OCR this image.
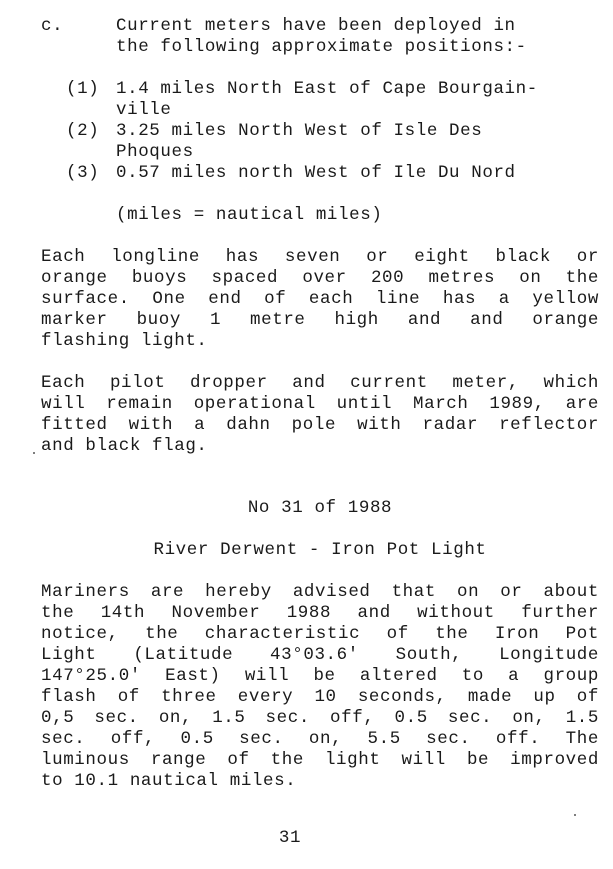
c.	Current meters have been deployed in
the following approximate positions:-
(1) 1.4 miles North East of Cape Bourgain-
ville
(2) 3.25 miles North West of Isle Des
Phoques
(3) 0.57 miles north West of Ile Du Nord
(miles = nautical miles)
Each longline has seven or eight black or
orange buoys spaced over 200 metres on the
surface. One end of each line has a yellow
marker buoy 1 metre high and and orange
flashing light.
Each pilot dropper and current meter, which
will remain operational until March 1989, are
fitted with a dahn pole with radar reflector
and black flag.
No 31 of 1988
River Derwent - Iron Pot Light
Mariners are hereby advised that on or about
the 14th November 1988 and without further
notice, the characteristic of the Iron Pot
Light (Latitude 43°03.6' South, Longitude
147°25.0' East) will be altered to a group
flash of three every 10 seconds, made up of
0,5 sec. on, 1.5 sec. off, 0.5 sec. on, 1.5
sec. off, 0.5 sec. on, 5.5 sec. off. The
luminous range of the light will be improved
to 10.1 nautical miles.
31
